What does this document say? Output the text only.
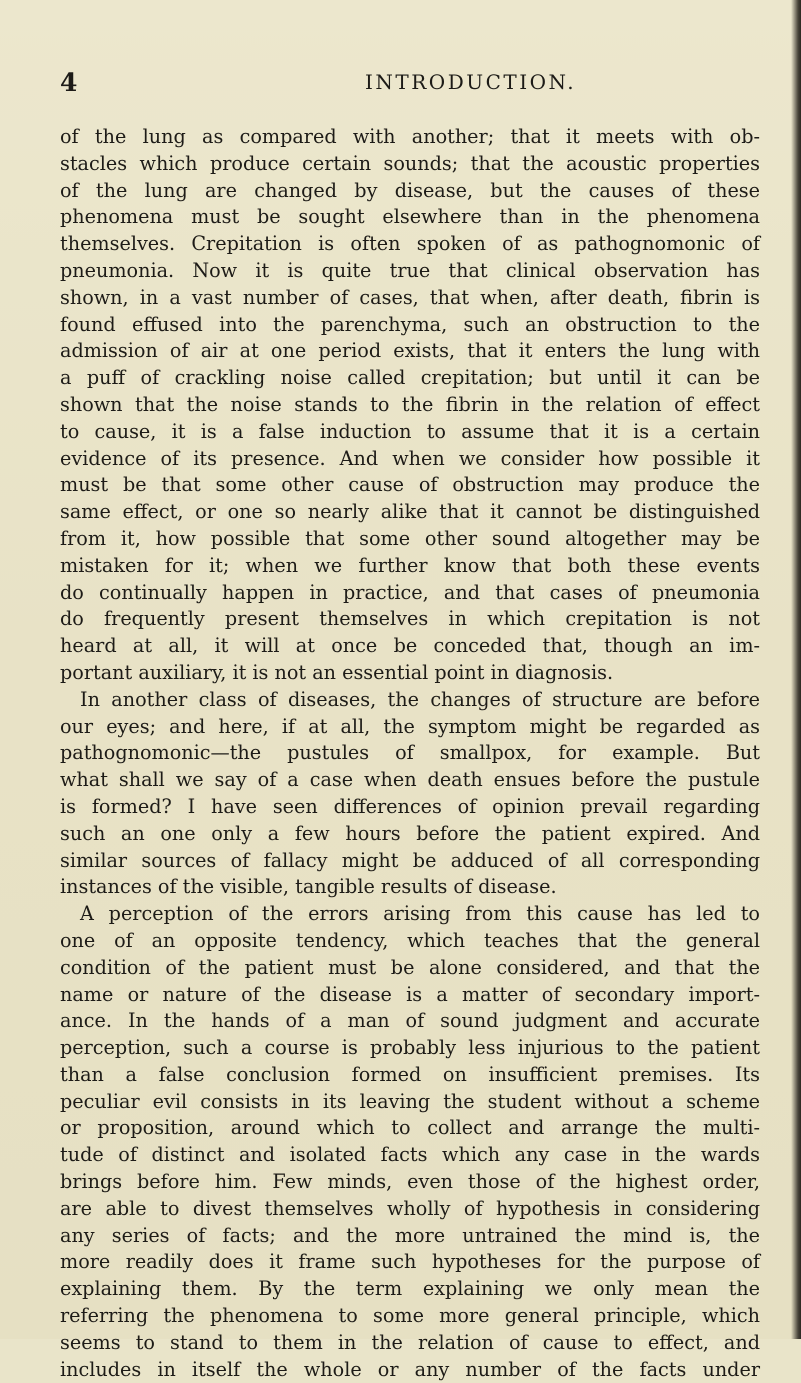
4	INTRODUCTION.
of the lung as compared with another; that it meets with ob-
stacles which produce certain sounds; that the acoustic properties
of the lung are changed by disease, but the causes of these
phenomena must be sought elsewhere than in the phenomena
themselves. Crepitation is often spoken of as pathognomonic of
pneumonia. Now it is quite true that clinical observation has
shown, in a vast number of cases, that when, after death, fibrin is
found effused into the parenchyma, such an obstruction to the
admission of air at one period exists, that it enters the lung with
a puff of crackling noise called crepitation; but until it can be
shown that the noise stands to the fibrin in the relation of effect
to cause, it is a false induction to assume that it is a certain
evidence of its presence. And when we consider how possible it
must be that some other cause of obstruction may produce the
same effect, or one so nearly alike that it cannot be distinguished
from it, how possible that some other sound altogether may be
mistaken for it; when we further know that both these events
do continually happen in practice, and that cases of pneumonia
do frequently present themselves in which crepitation is not
heard at all, it will at once be conceded that, though an im-
portant auxiliary, it is not an essential point in diagnosis.
In another class of diseases, the changes of structure are before
our eyes; and here, if at all, the symptom might be regarded as
pathognomonic—the pustules of smallpox, for example. But
what shall we say of a case when death ensues before the pustule
is formed? I have seen differences of opinion prevail regarding
such an one only a few hours before the patient expired. And
similar sources of fallacy might be adduced of all corresponding
instances of the visible, tangible results of disease.
A perception of the errors arising from this cause has led to
one of an opposite tendency, which teaches that the general
condition of the patient must be alone considered, and that the
name or nature of the disease is a matter of secondary import-
ance. In the hands of a man of sound judgment and accurate
perception, such a course is probably less injurious to the patient
than a false conclusion formed on insufficient premises. Its
peculiar evil consists in its leaving the student without a scheme
or proposition, around which to collect and arrange the multi-
tude of distinct and isolated facts which any case in the wards
brings before him. Few minds, even those of the highest order,
are able to divest themselves wholly of hypothesis in considering
any series of facts; and the more untrained the mind is, the
more readily does it frame such hypotheses for the purpose of
explaining them. By the term explaining we only mean the
referring the phenomena to some more general principle, which
seems to stand to them in the relation of cause to effect, and
includes in itself the whole or any number of the facts under
